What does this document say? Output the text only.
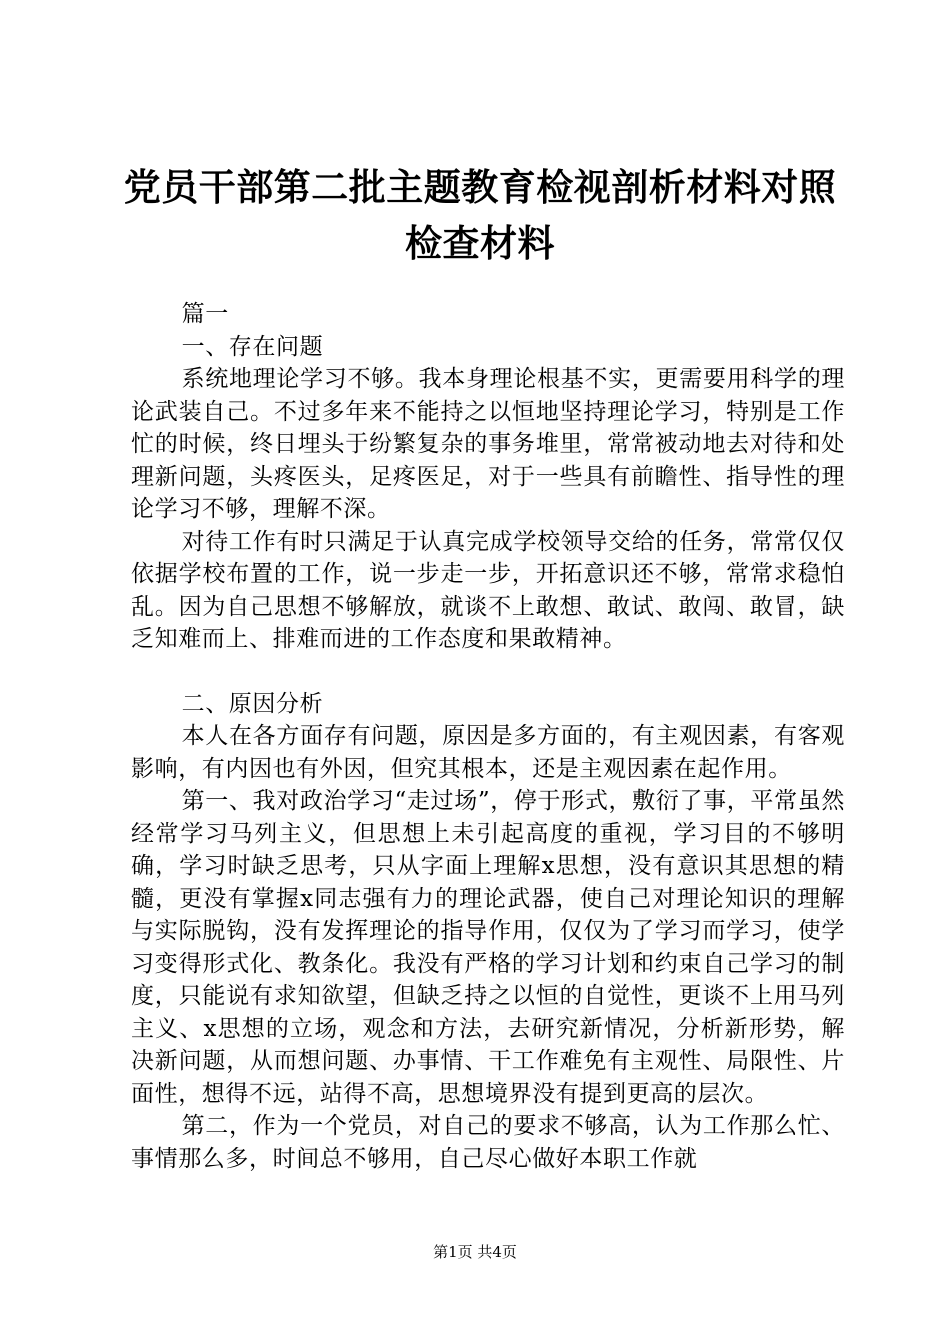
党员干部第二批主题教育检视剖析材料对照检查材料

篇一

一、存在问题

系统地理论学习不够。我本身理论根基不实，更需要用科学的理论武装自己。不过多年来不能持之以恒地坚持理论学习，特别是工作忙的时候，终日埋头于纷繁复杂的事务堆里，常常被动地去对待和处理新问题，头疼医头，足疼医足，对于一些具有前瞻性、指导性的理论学习不够，理解不深。

对待工作有时只满足于认真完成学校领导交给的任务，常常仅仅依据学校布置的工作，说一步走一步，开拓意识还不够，常常求稳怕乱。因为自己思想不够解放，就谈不上敢想、敢试、敢闯、敢冒，缺乏知难而上、排难而进的工作态度和果敢精神。

二、原因分析

本人在各方面存有问题，原因是多方面的，有主观因素，有客观影响，有内因也有外因，但究其根本，还是主观因素在起作用。

第一、我对政治学习“走过场”，停于形式，敷衍了事，平常虽然经常学习马列主义，但思想上未引起高度的重视，学习目的不够明确，学习时缺乏思考，只从字面上理解x思想，没有意识其思想的精髓，更没有掌握x同志强有力的理论武器，使自己对理论知识的理解与实际脱钩，没有发挥理论的指导作用，仅仅为了学习而学习，使学习变得形式化、教条化。我没有严格的学习计划和约束自己学习的制度，只能说有求知欲望，但缺乏持之以恒的自觉性，更谈不上用马列主义、x思想的立场，观念和方法，去研究新情况，分析新形势，解决新问题，从而想问题、办事情、干工作难免有主观性、局限性、片面性，想得不远，站得不高，思想境界没有提到更高的层次。

第二，作为一个党员，对自己的要求不够高，认为工作那么忙、事情那么多，时间总不够用，自己尽心做好本职工作就

第1页 共4页
